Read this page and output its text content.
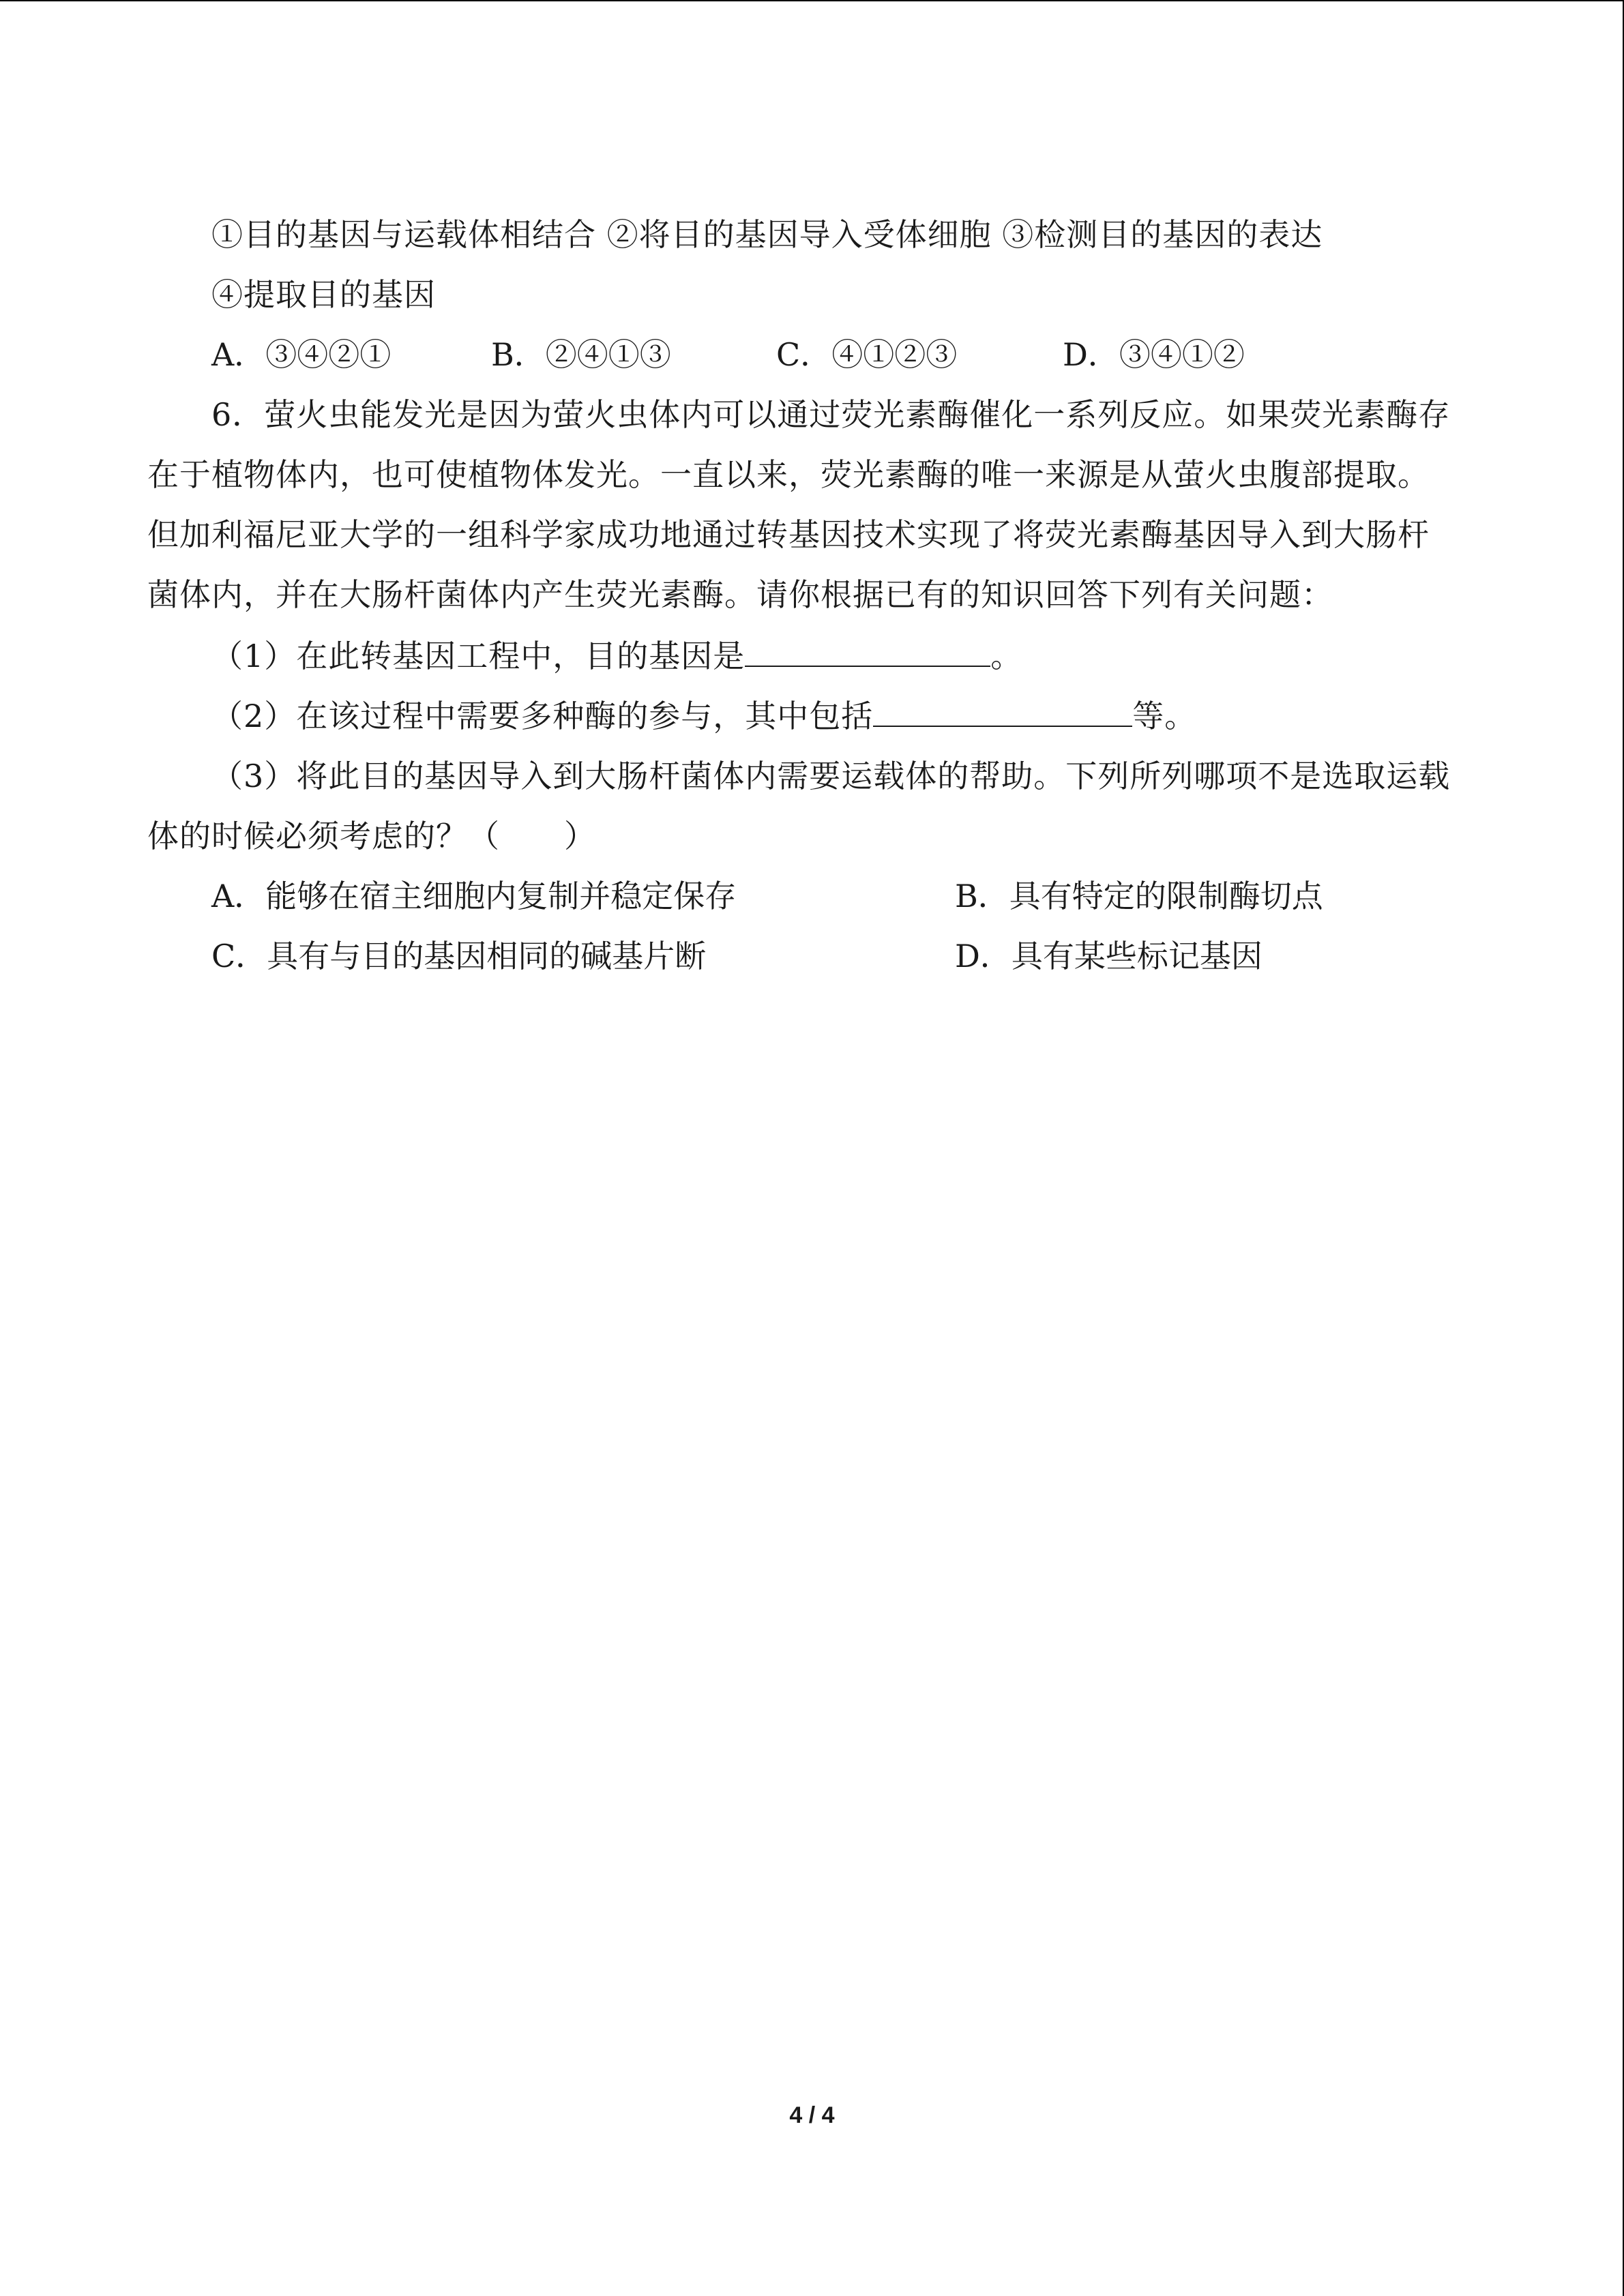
①目的基因与运载体相结合 ②将目的基因导入受体细胞 ③检测目的基因的表达
④提取目的基因
A．③④②①	B．②④①③	C．④①②③	D．③④①②
6．萤火虫能发光是因为萤火虫体内可以通过荧光素酶催化一系列反应。如果荧光素酶存
在于植物体内，也可使植物体发光。一直以来，荧光素酶的唯一来源是从萤火虫腹部提取。
但加利福尼亚大学的一组科学家成功地通过转基因技术实现了将荧光素酶基因导入到大肠杆
菌体内，并在大肠杆菌体内产生荧光素酶。请你根据已有的知识回答下列有关问题：
（1）在此转基因工程中，目的基因是	。
（2）在该过程中需要多种酶的参与，其中包括	等。
（3）将此目的基因导入到大肠杆菌体内需要运载体的帮助。下列所列哪项不是选取运载
体的时候必须考虑的？（　　）
A．能够在宿主细胞内复制并稳定保存	B．具有特定的限制酶切点
C．具有与目的基因相同的碱基片断	D．具有某些标记基因
4 / 4
